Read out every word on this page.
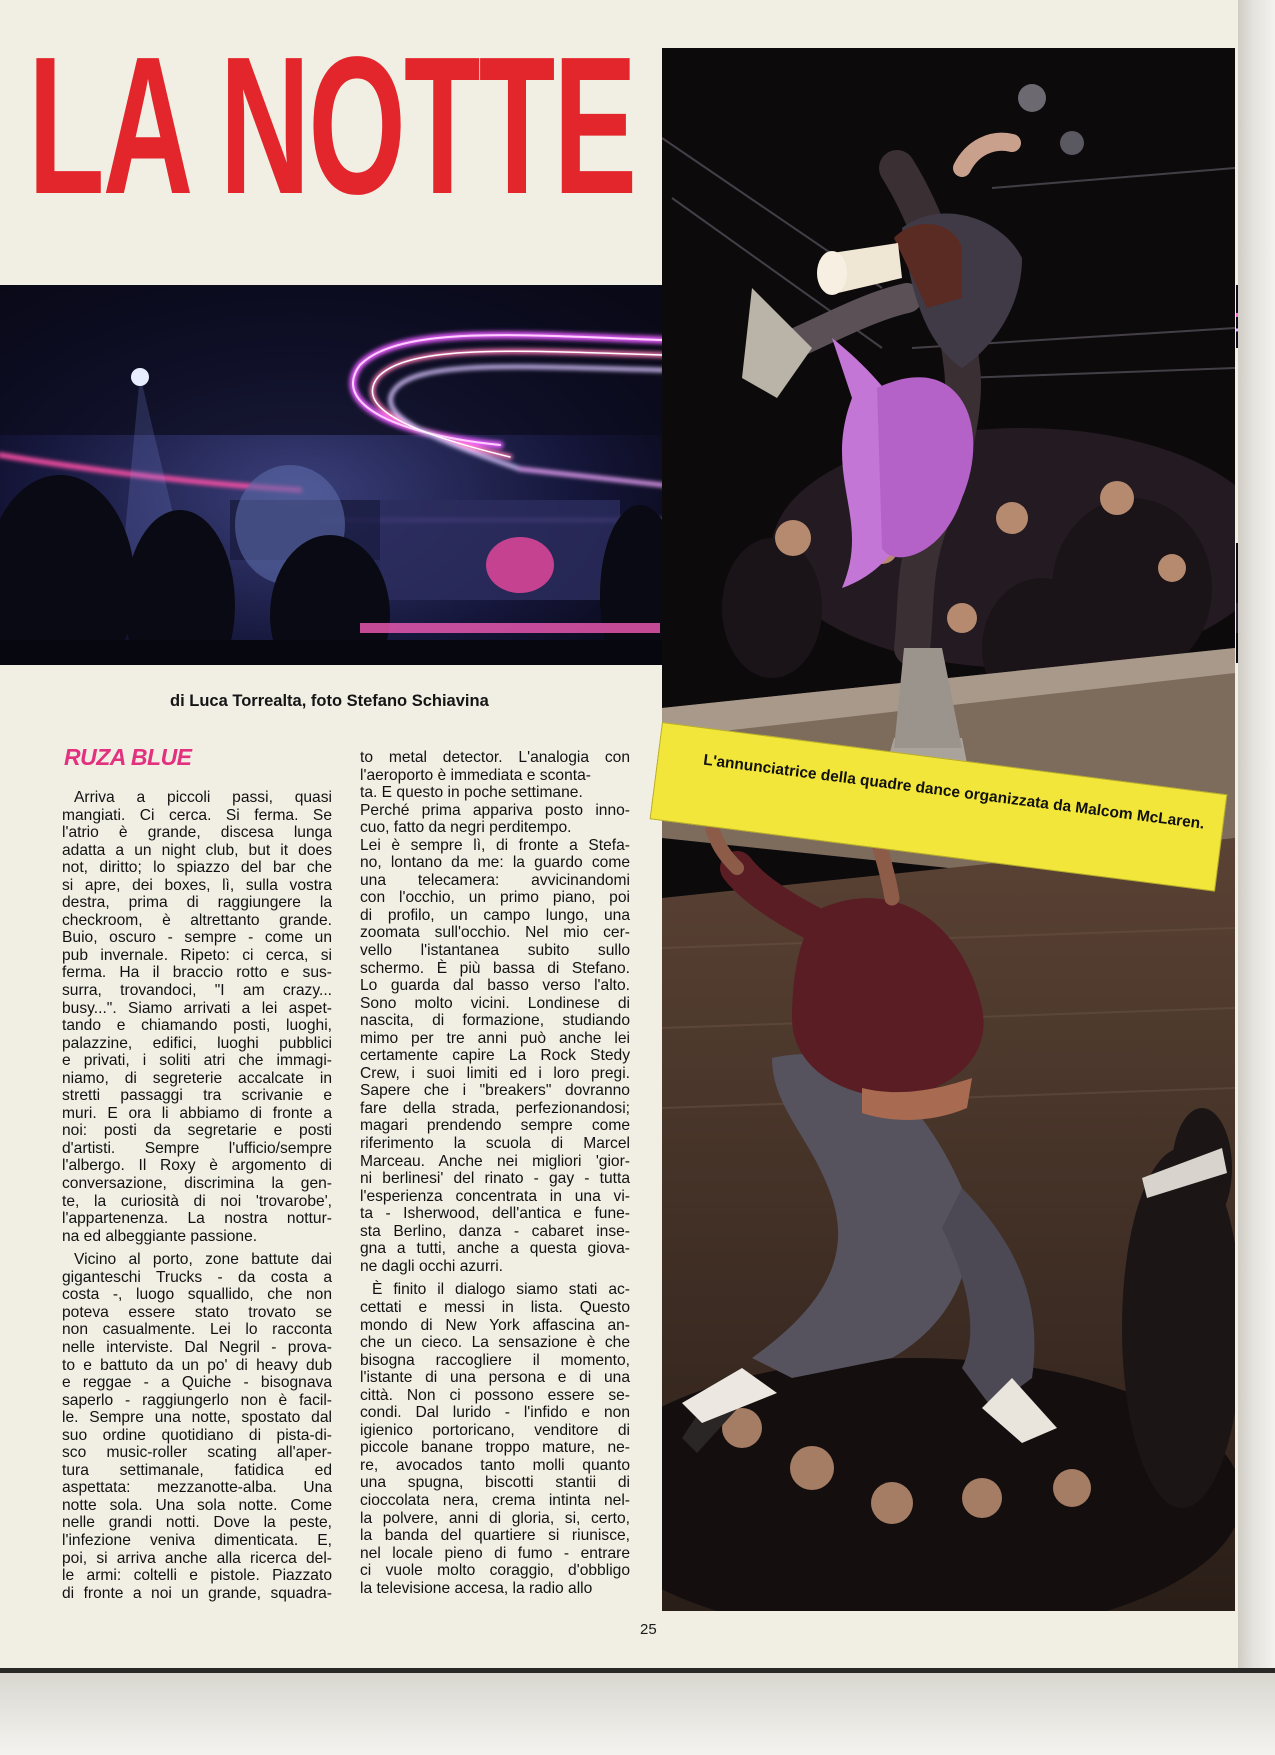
LA NOTTE

L'annunciatrice della quadre dance organizzata da Malcom McLaren.

di Luca Torrealta, foto Stefano Schiavina
RUZA BLUE
Arriva a piccoli passi, quasi
mangiati. Ci cerca. Si ferma. Se
l'atrio è grande, discesa lunga
adatta a un night club, but it does
not, diritto; lo spiazzo del bar che
si apre, dei boxes, lì, sulla vostra
destra, prima di raggiungere la
checkroom, è altrettanto grande.
Buio, oscuro - sempre - come un
pub invernale. Ripeto: ci cerca, si
ferma. Ha il braccio rotto e sus-
surra, trovandoci, "I am crazy...
busy...". Siamo arrivati a lei aspet-
tando e chiamando posti, luoghi,
palazzine, edifici, luoghi pubblici
e privati, i soliti atri che immagi-
niamo, di segreterie accalcate in
stretti passaggi tra scrivanie e
muri. E ora li abbiamo di fronte a
noi: posti da segretarie e posti
d'artisti. Sempre l'ufficio/sempre
l'albergo. Il Roxy è argomento di
conversazione, discrimina la gen-
te, la curiosità di noi 'trovarobe',
l'appartenenza. La nostra nottur-
na ed albeggiante passione.
Vicino al porto, zone battute dai
giganteschi Trucks - da costa a
costa -, luogo squallido, che non
poteva essere stato trovato se
non casualmente. Lei lo racconta
nelle interviste. Dal Negril - prova-
to e battuto da un po' di heavy dub
e reggae - a Quiche - bisognava
saperlo - raggiungerlo non è facil-
le. Sempre una notte, spostato dal
suo ordine quotidiano di pista-di-
sco music-roller scating all'aper-
tura settimanale, fatidica ed
aspettata: mezzanotte-alba. Una
notte sola. Una sola notte. Come
nelle grandi notti. Dove la peste,
l'infezione veniva dimenticata. E,
poi, si arriva anche alla ricerca del-
le armi: coltelli e pistole. Piazzato
di fronte a noi un grande, squadra-
to metal detector. L'analogia con
l'aeroporto è immediata e sconta-
ta. E questo in poche settimane.
Perché prima appariva posto inno-
cuo, fatto da negri perditempo.
Lei è sempre lì, di fronte a Stefa-
no, lontano da me: la guardo come
una telecamera: avvicinandomi
con l'occhio, un primo piano, poi
di profilo, un campo lungo, una
zoomata sull'occhio. Nel mio cer-
vello l'istantanea subito sullo
schermo. È più bassa di Stefano.
Lo guarda dal basso verso l'alto.
Sono molto vicini. Londinese di
nascita, di formazione, studiando
mimo per tre anni può anche lei
certamente capire La Rock Stedy
Crew, i suoi limiti ed i loro pregi.
Sapere che i "breakers" dovranno
fare della strada, perfezionandosi;
magari prendendo sempre come
riferimento la scuola di Marcel
Marceau. Anche nei migliori 'gior-
ni berlinesi' del rinato - gay - tutta
l'esperienza concentrata in una vi-
ta - Isherwood, dell'antica e fune-
sta Berlino, danza - cabaret inse-
gna a tutti, anche a questa giova-
ne dagli occhi azurri.
È finito il dialogo siamo stati ac-
cettati e messi in lista. Questo
mondo di New York affascina an-
che un cieco. La sensazione è che
bisogna raccogliere il momento,
l'istante di una persona e di una
città. Non ci possono essere se-
condi. Dal lurido - l'infido e non
igienico portoricano, venditore di
piccole banane troppo mature, ne-
re, avocados tanto molli quanto
una spugna, biscotti stantii di
cioccolata nera, crema intinta nel-
la polvere, anni di gloria, si, certo,
la banda del quartiere si riunisce,
nel locale pieno di fumo - entrare
ci vuole molto coraggio, d'obbligo
la televisione accesa, la radio allo

25
